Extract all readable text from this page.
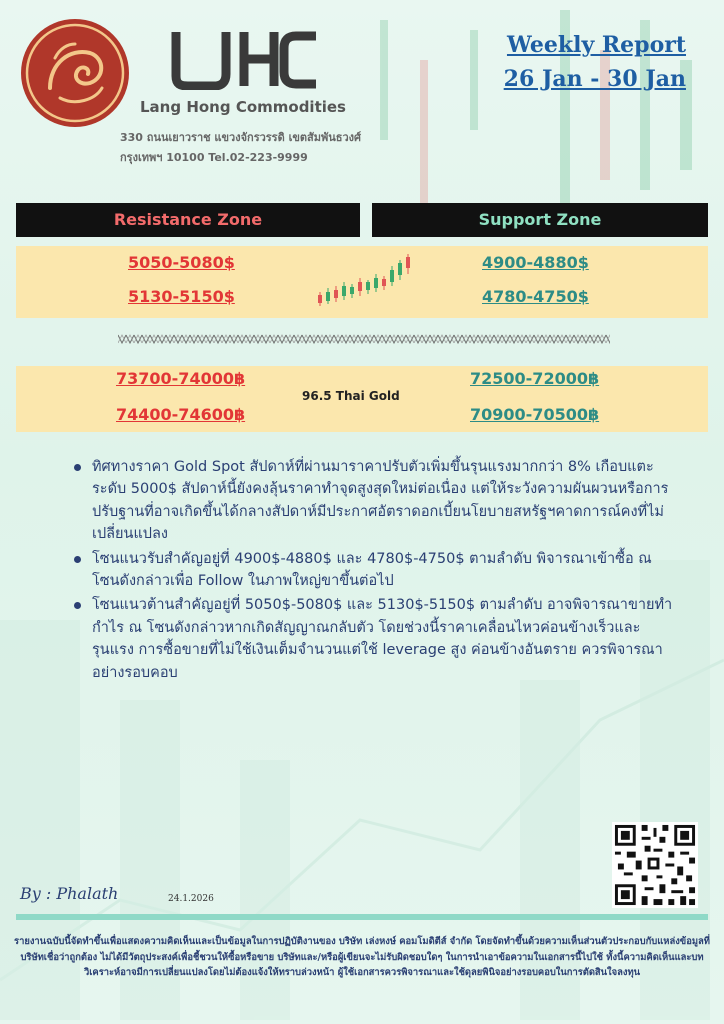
Lang Hong Commodities
330 ถนนเยาวราช แขวงจักรวรรดิ เขตสัมพันธวงศ์
กรุงเทพฯ 10100 Tel.02-223-9999
Weekly Report
26 Jan - 30 Jan
Resistance Zone	Support Zone
5050-5080$
5130-5150$
4900-4880$
4780-4750$
73700-74000฿
74400-74600฿
72500-72000฿
70900-70500฿
96.5 Thai Gold
ทิศทางราคา Gold Spot สัปดาห์ที่ผ่านมาราคาปรับตัวเพิ่มขึ้นรุนแรงมากกว่า 8% เกือบแตะระดับ 5000$ สัปดาห์นี้ยังคงลุ้นราคาทำจุดสูงสุดใหม่ต่อเนื่อง แต่ให้ระวังความผันผวนหรือการปรับฐานที่อาจเกิดขึ้นได้กลางสัปดาห์มีประกาศอัตราดอกเบี้ยนโยบายสหรัฐฯคาดการณ์คงที่ไม่เปลี่ยนแปลง
โซนแนวรับสำคัญอยู่ที่ 4900$-4880$ และ 4780$-4750$ ตามลำดับ พิจารณาเข้าซื้อ ณ โซนดังกล่าวเพื่อ Follow ในภาพใหญ่ขาขึ้นต่อไป
โซนแนวต้านสำคัญอยู่ที่ 5050$-5080$ และ 5130$-5150$ ตามลำดับ อาจพิจารณาขายทำกำไร ณ โซนดังกล่าวหากเกิดสัญญาณกลับตัว โดยช่วงนี้ราคาเคลื่อนไหวค่อนข้างเร็วและรุนแรง การซื้อขายที่ไม่ใช้เงินเต็มจำนวนแต่ใช้ leverage สูง ค่อนข้างอันตราย ควรพิจารณาอย่างรอบคอบ
By : Phalath	24.1.2026
รายงานฉบับนี้จัดทำขึ้นเพื่อแสดงความคิดเห็นและเป็นข้อมูลในการปฏิบัติงานของ บริษัท เล่งหงษ์ คอมโมดิตีส์ จำกัด โดยจัดทำขึ้นด้วยความเห็นส่วนตัวประกอบกับแหล่งข้อมูลที่บริษัทเชื่อว่าถูกต้อง ไม่ได้มีวัตถุประสงค์เพื่อชี้ชวนให้ซื้อหรือขาย บริษัทและ/หรือผู้เขียนจะไม่รับผิดชอบใดๆ ในการนำเอาข้อความในเอกสารนี้ไปใช้ ทั้งนี้ความคิดเห็นและบทวิเคราะห์อาจมีการเปลี่ยนแปลงโดยไม่ต้องแจ้งให้ทราบล่วงหน้า ผู้ใช้เอกสารควรพิจารณาและใช้ดุลยพินิจอย่างรอบคอบในการตัดสินใจลงทุน
